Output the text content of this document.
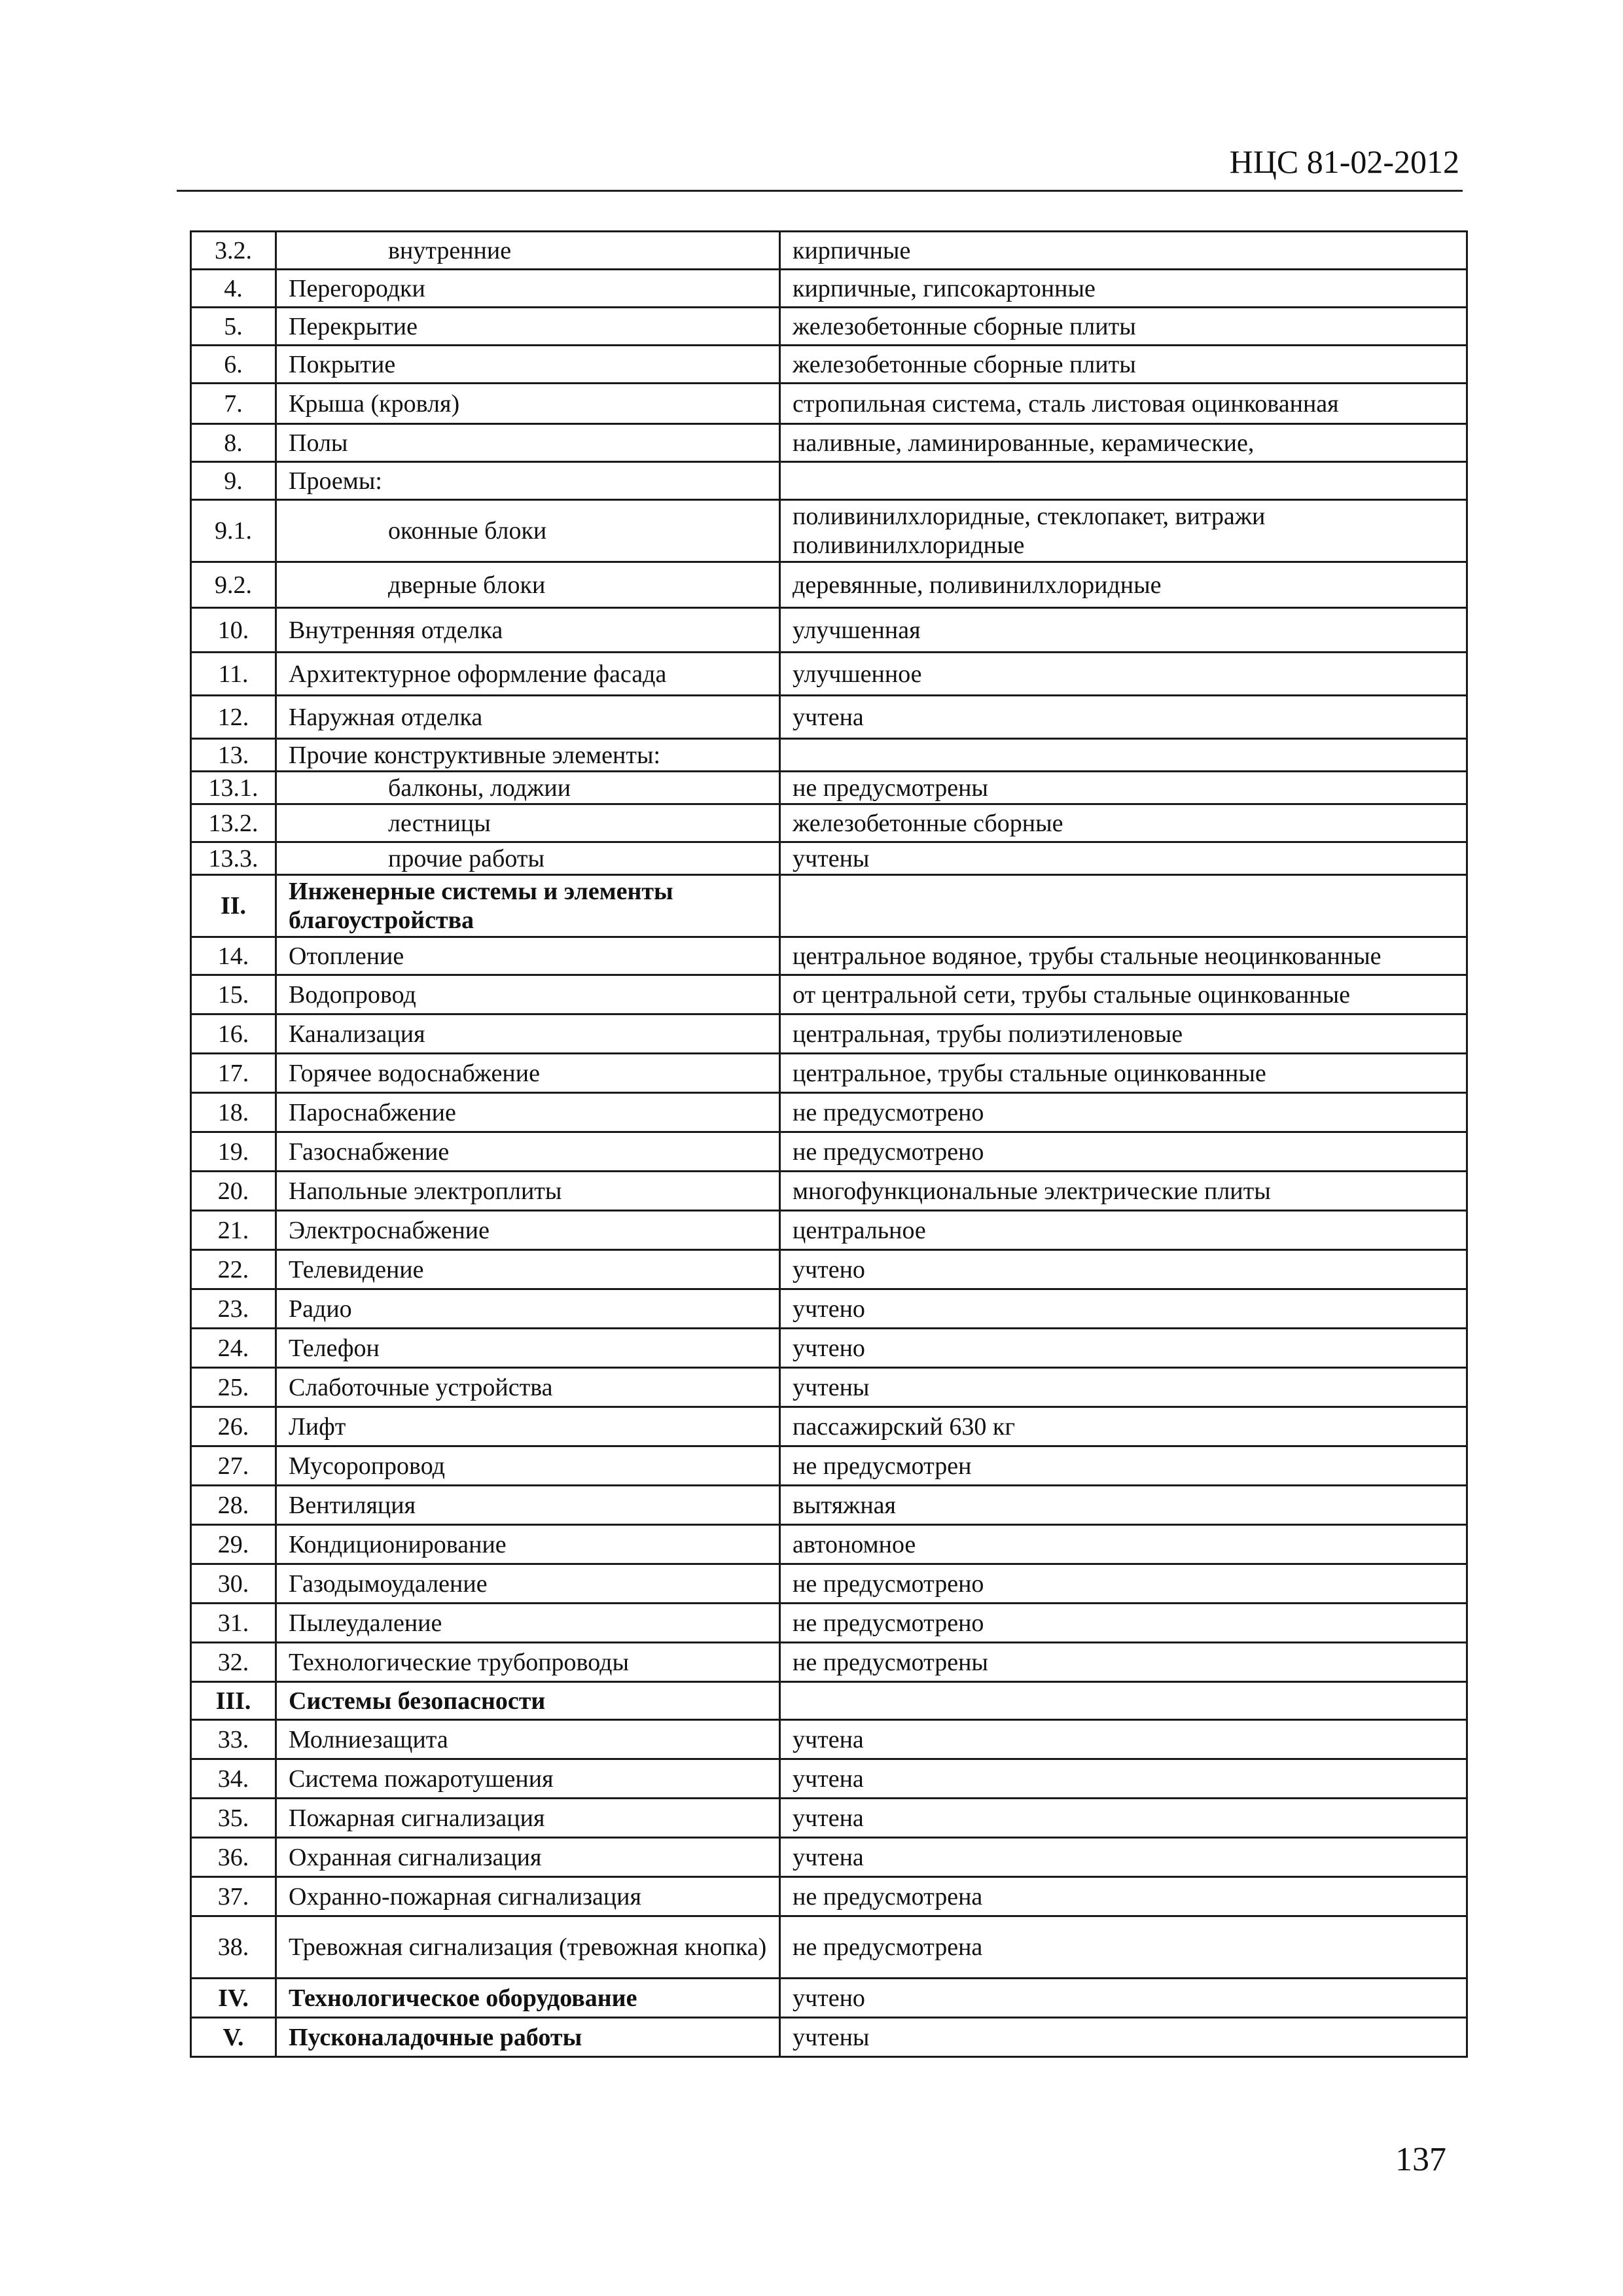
НЦС 81-02-2012
3.2.	внутренние	кирпичные
4.	Перегородки	кирпичные, гипсокартонные
5.	Перекрытие	железобетонные сборные плиты
6.	Покрытие	железобетонные сборные плиты
7.	Крыша (кровля)	стропильная система, сталь листовая оцинкованная
8.	Полы	наливные, ламинированные, керамические,
9.	Проемы:	
9.1.	оконные блоки	поливинилхлоридные, стеклопакет, витражи поливинилхлоридные
9.2.	дверные блоки	деревянные, поливинилхлоридные
10.	Внутренняя отделка	улучшенная
11.	Архитектурное оформление фасада	улучшенное
12.	Наружная отделка	учтена
13.	Прочие конструктивные элементы:	
13.1.	балконы, лоджии	не предусмотрены
13.2.	лестницы	железобетонные сборные
13.3.	прочие работы	учтены
II.	Инженерные системы и элементы благоустройства	
14.	Отопление	центральное водяное, трубы стальные неоцинкованные
15.	Водопровод	от центральной сети, трубы стальные оцинкованные
16.	Канализация	центральная, трубы полиэтиленовые
17.	Горячее водоснабжение	центральное, трубы стальные оцинкованные
18.	Пароснабжение	не предусмотрено
19.	Газоснабжение	не предусмотрено
20.	Напольные электроплиты	многофункциональные электрические плиты
21.	Электроснабжение	центральное
22.	Телевидение	учтено
23.	Радио	учтено
24.	Телефон	учтено
25.	Слаботочные устройства	учтены
26.	Лифт	пассажирский 630 кг
27.	Мусоропровод	не предусмотрен
28.	Вентиляция	вытяжная
29.	Кондиционирование	автономное
30.	Газодымоудаление	не предусмотрено
31.	Пылеудаление	не предусмотрено
32.	Технологические трубопроводы	не предусмотрены
III.	Системы безопасности	
33.	Молниезащита	учтена
34.	Система пожаротушения	учтена
35.	Пожарная сигнализация	учтена
36.	Охранная сигнализация	учтена
37.	Охранно-пожарная сигнализация	не предусмотрена
38.	Тревожная сигнализация (тревожная кнопка)	не предусмотрена
IV.	Технологическое оборудование	учтено
V.	Пусконаладочные работы	учтены
137
